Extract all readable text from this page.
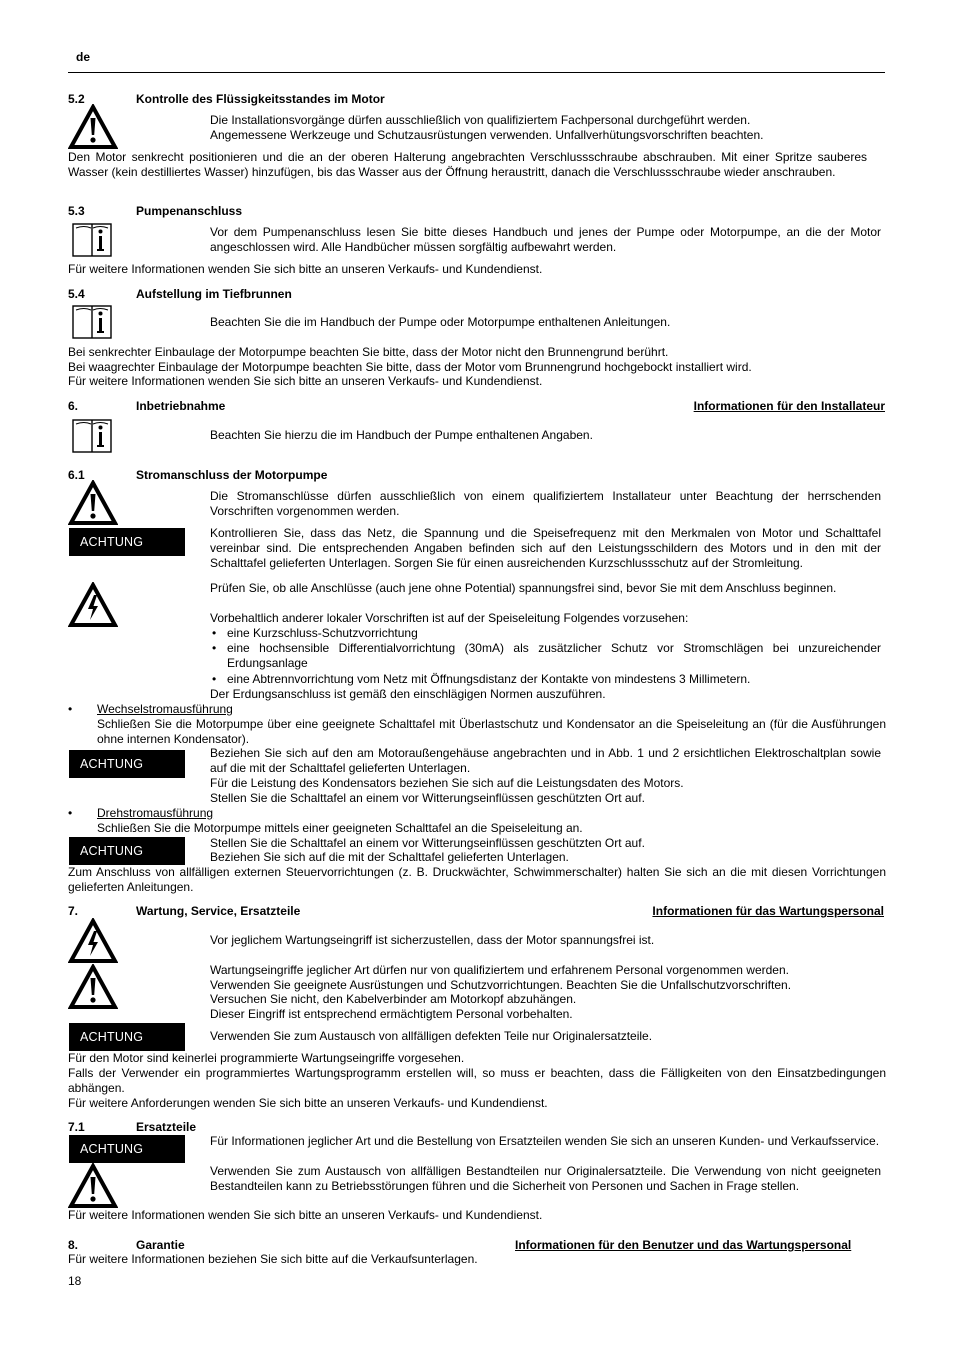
de
5.2	Kontrolle des Flüssigkeitsstandes im Motor
Die Installationsvorgänge dürfen ausschließlich von qualifiziertem Fachpersonal durchgeführt werden.
Angemessene Werkzeuge und Schutzausrüstungen verwenden. Unfallverhütungsvorschriften beachten.
Den Motor senkrecht positionieren und die an der oberen Halterung angebrachten Verschlussschraube abschrauben. Mit einer Spritze sauberes Wasser (kein destilliertes Wasser) hinzufügen, bis das Wasser aus der Öffnung heraustritt, danach die Verschlussschraube wieder anschrauben.
5.3	Pumpenanschluss
Vor dem Pumpenanschluss lesen Sie bitte dieses Handbuch und jenes der Pumpe oder Motorpumpe, an die der Motor angeschlossen wird. Alle Handbücher müssen sorgfältig aufbewahrt werden.
Für weitere Informationen wenden Sie sich bitte an unseren Verkaufs- und Kundendienst.
5.4	Aufstellung im Tiefbrunnen
Beachten Sie die im Handbuch der Pumpe oder Motorpumpe enthaltenen Anleitungen.
Bei senkrechter Einbaulage der Motorpumpe beachten Sie bitte, dass der Motor nicht den Brunnengrund berührt.
Bei waagrechter Einbaulage der Motorpumpe beachten Sie bitte, dass der Motor vom Brunnengrund hochgebockt installiert wird.
Für weitere Informationen wenden Sie sich bitte an unseren Verkaufs- und Kundendienst.
6.	Inbetriebnahme	Informationen für den Installateur
Beachten Sie hierzu die im Handbuch der Pumpe enthaltenen Angaben.
6.1	Stromanschluss der Motorpumpe
Die Stromanschlüsse dürfen ausschließlich von einem qualifiziertem Installateur unter Beachtung der herrschenden Vorschriften vorgenommen werden.
ACHTUNG
Kontrollieren Sie, dass das Netz, die Spannung und die Speisefrequenz mit den Merkmalen von Motor und Schalttafel vereinbar sind. Die entsprechenden Angaben befinden sich auf den Leistungsschildern des Motors und in den mit der Schalttafel gelieferten Unterlagen. Sorgen Sie für einen ausreichenden Kurzschlussschutz auf der Stromleitung.
Prüfen Sie, ob alle Anschlüsse (auch jene ohne Potential) spannungsfrei sind, bevor Sie mit dem Anschluss beginnen.
Vorbehaltlich anderer lokaler Vorschriften ist auf der Speiseleitung Folgendes vorzusehen:
• eine Kurzschluss-Schutzvorrichtung
• eine hochsensible Differentialvorrichtung (30mA) als zusätzlicher Schutz vor Stromschlägen bei unzureichender Erdungsanlage
• eine Abtrennvorrichtung vom Netz mit Öffnungsdistanz der Kontakte von mindestens 3 Millimetern.
Der Erdungsanschluss ist gemäß den einschlägigen Normen auszuführen.
• Wechselstromausführung
Schließen Sie die Motorpumpe über eine geeignete Schalttafel mit Überlastschutz und Kondensator an die Speiseleitung an (für die Ausführungen ohne internen Kondensator).
ACHTUNG
Beziehen Sie sich auf den am Motoraußengehäuse angebrachten und in Abb. 1 und 2 ersichtlichen Elektroschaltplan sowie auf die mit der Schalttafel gelieferten Unterlagen.
Für die Leistung des Kondensators beziehen Sie sich auf die Leistungsdaten des Motors.
Stellen Sie die Schalttafel an einem vor Witterungseinflüssen geschützten Ort auf.
• Drehstromausführung
Schließen Sie die Motorpumpe mittels einer geeigneten Schalttafel an die Speiseleitung an.
ACHTUNG
Stellen Sie die Schalttafel an einem vor Witterungseinflüssen geschützten Ort auf.
Beziehen Sie sich auf die mit der Schalttafel gelieferten Unterlagen.
Zum Anschluss von allfälligen externen Steuervorrichtungen (z. B. Druckwächter, Schwimmerschalter) halten Sie sich an die mit diesen Vorrichtungen gelieferten Anleitungen.
7.	Wartung, Service, Ersatzteile	Informationen für das Wartungspersonal
Vor jeglichem Wartungseingriff ist sicherzustellen, dass der Motor spannungsfrei ist.
Wartungseingriffe jeglicher Art dürfen nur von qualifiziertem und erfahrenem Personal vorgenommen werden.
Verwenden Sie geeignete Ausrüstungen und Schutzvorrichtungen. Beachten Sie die Unfallschutzvorschriften.
Versuchen Sie nicht, den Kabelverbinder am Motorkopf abzuhängen.
Dieser Eingriff ist entsprechend ermächtigtem Personal vorbehalten.
ACHTUNG	Verwenden Sie zum Austausch von allfälligen defekten Teile nur Originalersatzteile.
Für den Motor sind keinerlei programmierte Wartungseingriffe vorgesehen.
Falls der Verwender ein programmiertes Wartungsprogramm erstellen will, so muss er beachten, dass die Fälligkeiten von den Einsatzbedingungen abhängen.
Für weitere Anforderungen wenden Sie sich bitte an unseren Verkaufs- und Kundendienst.
7.1	Ersatzteile
ACHTUNG
Für Informationen jeglicher Art und die Bestellung von Ersatzteilen wenden Sie sich an unseren Kunden- und Verkaufsservice.
Verwenden Sie zum Austausch von allfälligen Bestandteilen nur Originalersatzteile. Die Verwendung von nicht geeigneten Bestandteilen kann zu Betriebsstörungen führen und die Sicherheit von Personen und Sachen in Frage stellen.
Für weitere Informationen wenden Sie sich bitte an unseren Verkaufs- und Kundendienst.
8.	Garantie	Informationen für den Benutzer und das Wartungspersonal
Für weitere Informationen beziehen Sie sich bitte auf die Verkaufsunterlagen.
18
